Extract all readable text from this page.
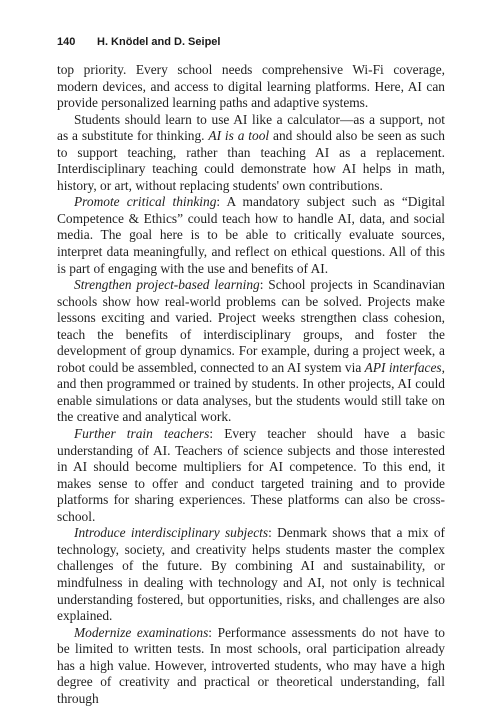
140 H. Knödel and D. Seipel

top priority. Every school needs comprehensive Wi-Fi coverage, modern devices, and access to digital learning platforms. Here, AI can provide personalized learning paths and adaptive systems.

Students should learn to use AI like a calculator—as a support, not as a substitute for thinking. AI is a tool and should also be seen as such to support teaching, rather than teaching AI as a replacement. Interdisciplinary teaching could demonstrate how AI helps in math, history, or art, without replacing students' own contributions.

Promote critical thinking: A mandatory subject such as “Digital Competence & Ethics” could teach how to handle AI, data, and social media. The goal here is to be able to critically evaluate sources, interpret data meaningfully, and reflect on ethical questions. All of this is part of engaging with the use and benefits of AI.

Strengthen project-based learning: School projects in Scandinavian schools show how real-world problems can be solved. Projects make lessons exciting and varied. Project weeks strengthen class cohesion, teach the benefits of interdisciplinary groups, and foster the development of group dynamics. For example, during a project week, a robot could be assembled, connected to an AI system via API interfaces, and then programmed or trained by students. In other projects, AI could enable simulations or data analyses, but the students would still take on the creative and analytical work.

Further train teachers: Every teacher should have a basic understanding of AI. Teachers of science subjects and those interested in AI should become multipliers for AI competence. To this end, it makes sense to offer and conduct targeted training and to provide platforms for sharing experiences. These platforms can also be cross-school.

Introduce interdisciplinary subjects: Denmark shows that a mix of technology, society, and creativity helps students master the complex challenges of the future. By combining AI and sustainability, or mindfulness in dealing with technology and AI, not only is technical understanding fostered, but opportunities, risks, and challenges are also explained.

Modernize examinations: Performance assessments do not have to be limited to written tests. In most schools, oral participation already has a high value. However, introverted students, who may have a high degree of creativity and practical or theoretical understanding, fall through
